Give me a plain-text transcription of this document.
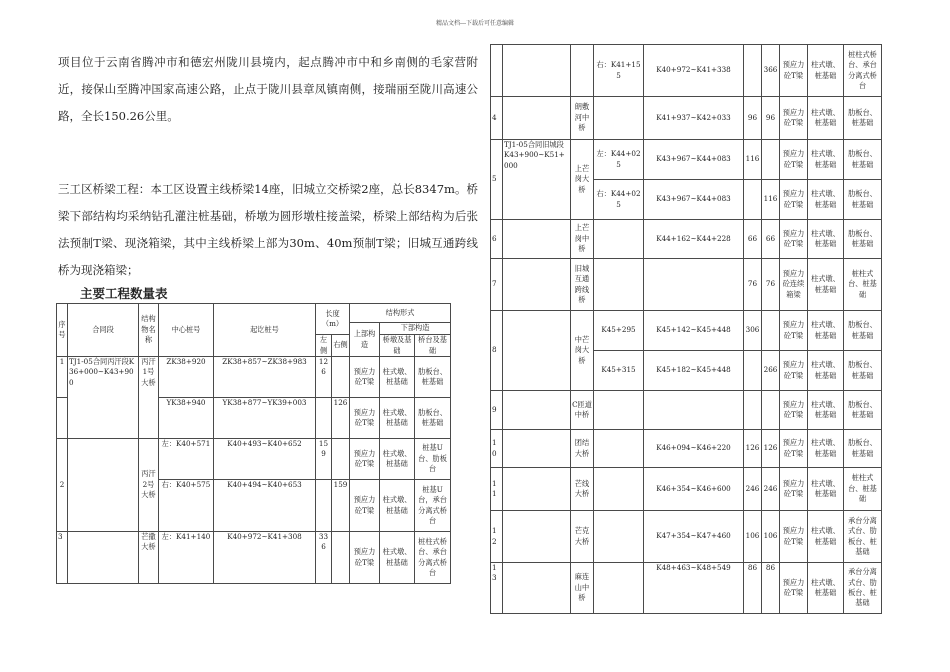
精品文档---下载后可任意编辑

项目位于云南省腾冲市和德宏州陇川县境内，起点腾冲市中和乡南侧的毛家营附近，接保山至腾冲国家高速公路，止点于陇川县章凤镇南侧，接瑞丽至陇川高速公路，全长150.26公里。

三工区桥梁工程：本工区设置主线桥梁14座，旧城立交桥梁2座，总长8347m。桥梁下部结构均采纳钻孔灌注桩基础，桥墩为圆形墩柱接盖梁，桥梁上部结构为后张法预制T梁、现浇箱梁，其中主线桥梁上部为30m、40m预制T梁；旧城互通跨线桥为现浇箱梁；

主要工程数量表
序号	合同段	结构物名称	中心桩号	起讫桩号	长度（m）		结构形式		
							上部构造	下部构造	
					左侧	右侧		桥墩及基础	桥台及基础
1	TJ1-05合同丙汗段K36+000~K43+900	丙汗1号大桥	ZK38+920	ZK38+857~ZK38+983	126		预应力砼T梁	柱式墩、桩基础	肋板台、桩基础
			YK38+940	YK38+877~YK39+003		126	预应力砼T梁	柱式墩、桩基础	肋板台、桩基础
2		丙汗2号大桥	左：K40+571	K40+493~K40+652	159		预应力砼T梁	柱式墩、桩基础	桩基U台、肋板台
			右：K40+575	K40+494~K40+653		159	预应力砼T梁	柱式墩、桩基础	桩基U台，承台分离式桥台
3		芒撒大桥	左：K41+140	K40+972~K41+308	336		预应力砼T梁	柱式墩、桩基础	桩柱式桥台、承台分离式桥台
			右：K41+155	K40+972~K41+338		366	预应力砼T梁	柱式墩、桩基础	桩柱式桥台、承台分离式桥台
4		朗敷河中桥		K41+937~K42+033	96	96	预应力砼T梁	柱式墩、桩基础	肋板台、桩基础
5	TJ1-05合同旧城段K43+900~K51+000	上芒岗大桥	左：K44+025	K43+967~K44+083	116		预应力砼T梁	柱式墩、桩基础	肋板台、桩基础
			右：K44+025	K43+967~K44+083		116	预应力砼T梁	柱式墩、桩基础	肋板台、桩基础
6		上芒岗中桥		K44+162~K44+228	66	66	预应力砼T梁	柱式墩、桩基础	肋板台、桩基础
7		旧城互通跨线桥			76	76	预应力砼连续箱梁	柱式墩、桩基础	桩柱式台、桩基础
8		中芒岗大桥	K45+295	K45+142~K45+448	306		预应力砼T梁	柱式墩、桩基础	肋板台、桩基础
			K45+315	K45+182~K45+448		266	预应力砼T梁	柱式墩、桩基础	肋板台、桩基础
9		C匝道中桥					预应力砼T梁	柱式墩、桩基础	肋板台、桩基础
10		团结大桥		K46+094~K46+220	126	126	预应力砼T梁	柱式墩、桩基础	肋板台、桩基础
11		芒线大桥		K46+354~K46+600	246	246	预应力砼T梁	柱式墩、桩基础	桩柱式台、桩基础
12		芒克大桥		K47+354~K47+460	106	106	预应力砼T梁	柱式墩、桩基础	承台分离式台、肋板台、桩基础
13		麻连山中桥		K48+463~K48+549	86	86	预应力砼T梁	柱式墩、桩基础	承台分离式台、肋板台、桩基础
